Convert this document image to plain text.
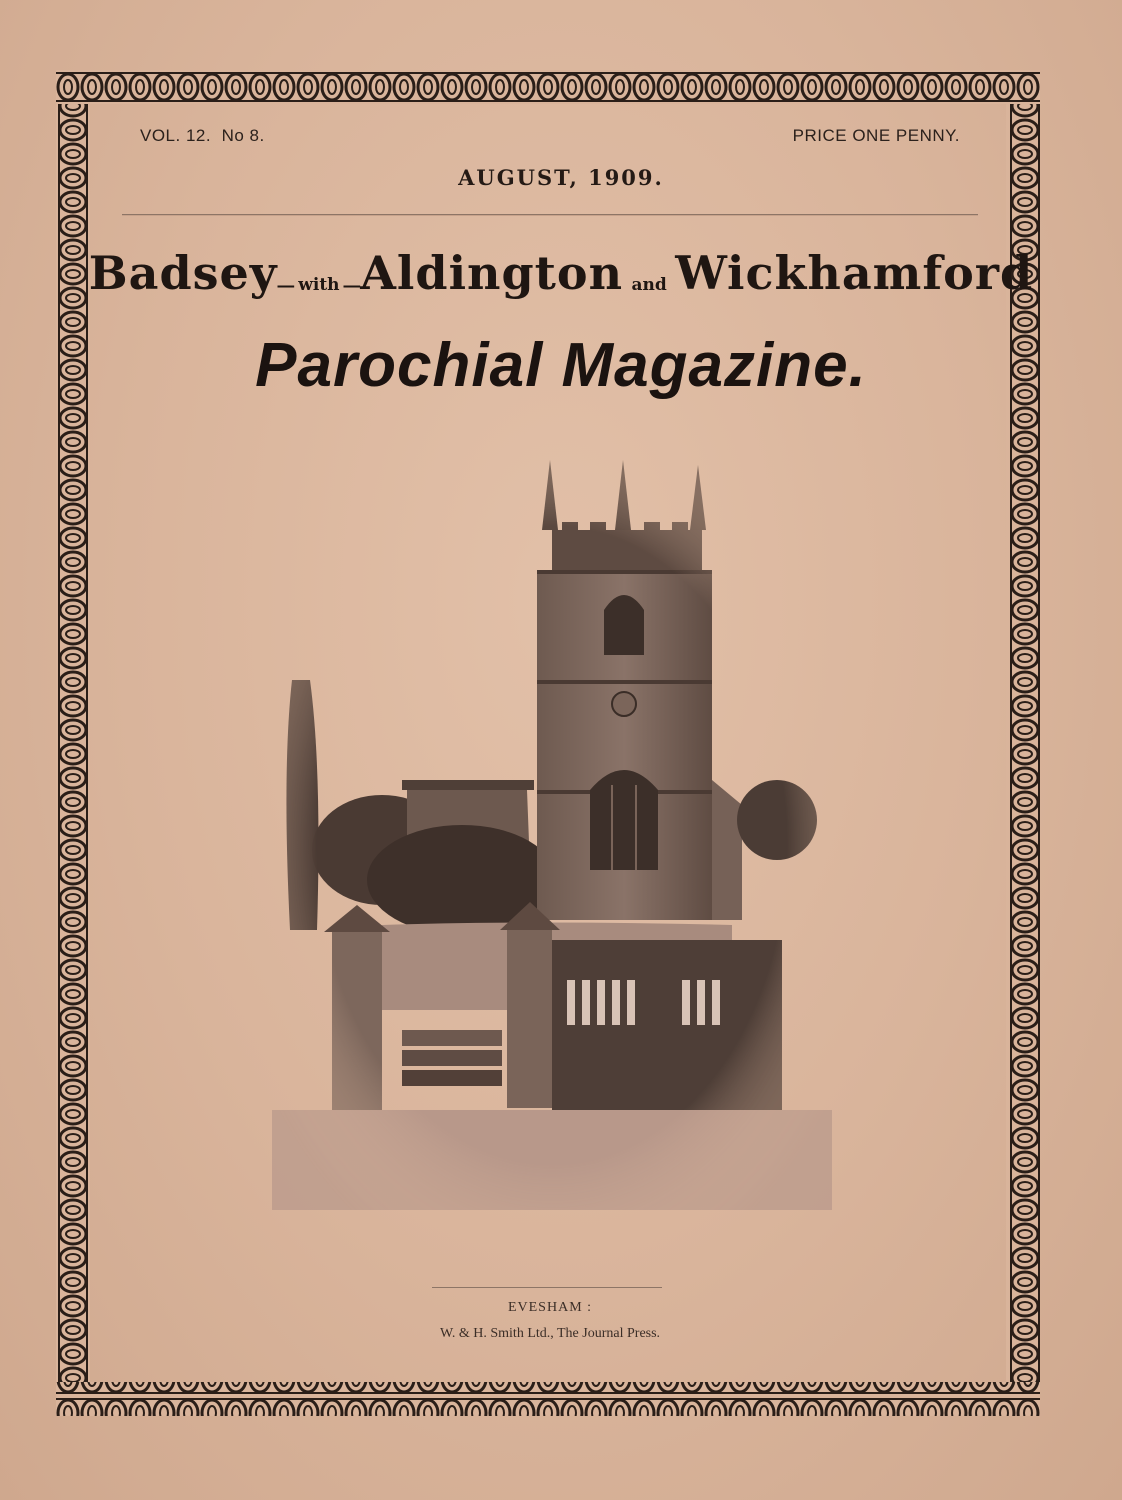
VOL. 12. No 8.	PRICE ONE PENNY.
AUGUST, 1909.
Badsey– with –Aldington and Wickhamford
Parochial Magazine.
EVESHAM :
W. & H. Smith Ltd., The Journal Press.
